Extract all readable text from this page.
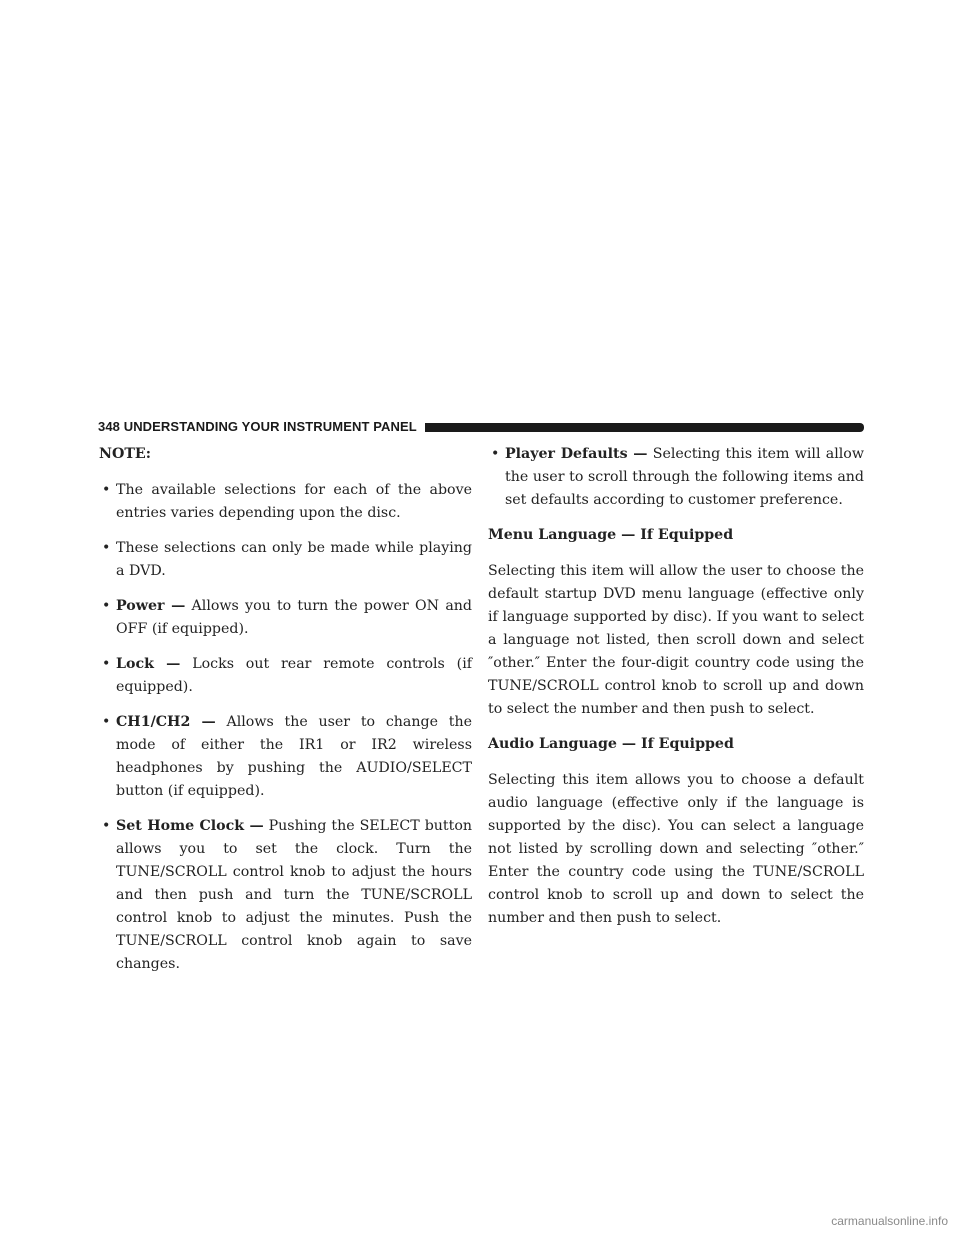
348 UNDERSTANDING YOUR INSTRUMENT PANEL

NOTE:

• The available selections for each of the above entries varies depending upon the disc.

• These selections can only be made while playing a DVD.

• Power — Allows you to turn the power ON and OFF (if equipped).

• Lock — Locks out rear remote controls (if equipped).

• CH1/CH2 — Allows the user to change the mode of either the IR1 or IR2 wireless headphones by pushing the AUDIO/SELECT button (if equipped).

• Set Home Clock — Pushing the SELECT button allows you to set the clock. Turn the TUNE/SCROLL control knob to adjust the hours and then push and turn the TUNE/SCROLL control knob to adjust the minutes. Push the TUNE/SCROLL control knob again to save changes.

• Player Defaults — Selecting this item will allow the user to scroll through the following items and set defaults according to customer preference.

Menu Language — If Equipped

Selecting this item will allow the user to choose the default startup DVD menu language (effective only if language supported by disc). If you want to select a language not listed, then scroll down and select ″other.″ Enter the four-digit country code using the TUNE/SCROLL control knob to scroll up and down to select the number and then push to select.

Audio Language — If Equipped

Selecting this item allows you to choose a default audio language (effective only if the language is supported by the disc). You can select a language not listed by scrolling down and selecting ″other.″ Enter the country code using the TUNE/SCROLL control knob to scroll up and down to select the number and then push to select.

carmanualsonline.info
